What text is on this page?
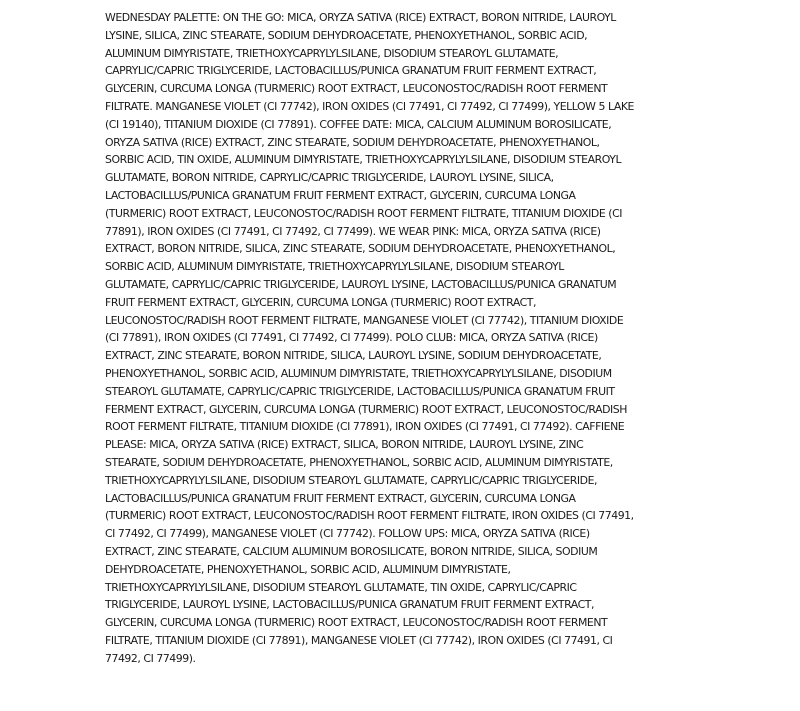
WEDNESDAY PALETTE: ON THE GO: MICA, ORYZA SATIVA (RICE) EXTRACT, BORON NITRIDE, LAUROYL
LYSINE, SILICA, ZINC STEARATE, SODIUM DEHYDROACETATE, PHENOXYETHANOL, SORBIC ACID,
ALUMINUM DIMYRISTATE, TRIETHOXYCAPRYLYLSILANE, DISODIUM STEAROYL GLUTAMATE,
CAPRYLIC/CAPRIC TRIGLYCERIDE, LACTOBACILLUS/PUNICA GRANATUM FRUIT FERMENT EXTRACT,
GLYCERIN, CURCUMA LONGA (TURMERIC) ROOT EXTRACT, LEUCONOSTOC/RADISH ROOT FERMENT
FILTRATE. MANGANESE VIOLET (CI 77742), IRON OXIDES (CI 77491, CI 77492, CI 77499), YELLOW 5 LAKE
(CI 19140), TITANIUM DIOXIDE (CI 77891). COFFEE DATE: MICA, CALCIUM ALUMINUM BOROSILICATE,
ORYZA SATIVA (RICE) EXTRACT, ZINC STEARATE, SODIUM DEHYDROACETATE, PHENOXYETHANOL,
SORBIC ACID, TIN OXIDE, ALUMINUM DIMYRISTATE, TRIETHOXYCAPRYLYLSILANE, DISODIUM STEAROYL
GLUTAMATE, BORON NITRIDE, CAPRYLIC/CAPRIC TRIGLYCERIDE, LAUROYL LYSINE, SILICA,
LACTOBACILLUS/PUNICA GRANATUM FRUIT FERMENT EXTRACT, GLYCERIN, CURCUMA LONGA
(TURMERIC) ROOT EXTRACT, LEUCONOSTOC/RADISH ROOT FERMENT FILTRATE, TITANIUM DIOXIDE (CI
77891), IRON OXIDES (CI 77491, CI 77492, CI 77499). WE WEAR PINK: MICA, ORYZA SATIVA (RICE)
EXTRACT, BORON NITRIDE, SILICA, ZINC STEARATE, SODIUM DEHYDROACETATE, PHENOXYETHANOL,
SORBIC ACID, ALUMINUM DIMYRISTATE, TRIETHOXYCAPRYLYLSILANE, DISODIUM STEAROYL
GLUTAMATE, CAPRYLIC/CAPRIC TRIGLYCERIDE, LAUROYL LYSINE, LACTOBACILLUS/PUNICA GRANATUM
FRUIT FERMENT EXTRACT, GLYCERIN, CURCUMA LONGA (TURMERIC) ROOT EXTRACT,
LEUCONOSTOC/RADISH ROOT FERMENT FILTRATE, MANGANESE VIOLET (CI 77742), TITANIUM DIOXIDE
(CI 77891), IRON OXIDES (CI 77491, CI 77492, CI 77499). POLO CLUB: MICA, ORYZA SATIVA (RICE)
EXTRACT, ZINC STEARATE, BORON NITRIDE, SILICA, LAUROYL LYSINE, SODIUM DEHYDROACETATE,
PHENOXYETHANOL, SORBIC ACID, ALUMINUM DIMYRISTATE, TRIETHOXYCAPRYLYLSILANE, DISODIUM
STEAROYL GLUTAMATE, CAPRYLIC/CAPRIC TRIGLYCERIDE, LACTOBACILLUS/PUNICA GRANATUM FRUIT
FERMENT EXTRACT, GLYCERIN, CURCUMA LONGA (TURMERIC) ROOT EXTRACT, LEUCONOSTOC/RADISH
ROOT FERMENT FILTRATE, TITANIUM DIOXIDE (CI 77891), IRON OXIDES (CI 77491, CI 77492). CAFFIENE
PLEASE: MICA, ORYZA SATIVA (RICE) EXTRACT, SILICA, BORON NITRIDE, LAUROYL LYSINE, ZINC
STEARATE, SODIUM DEHYDROACETATE, PHENOXYETHANOL, SORBIC ACID, ALUMINUM DIMYRISTATE,
TRIETHOXYCAPRYLYLSILANE, DISODIUM STEAROYL GLUTAMATE, CAPRYLIC/CAPRIC TRIGLYCERIDE,
LACTOBACILLUS/PUNICA GRANATUM FRUIT FERMENT EXTRACT, GLYCERIN, CURCUMA LONGA
(TURMERIC) ROOT EXTRACT, LEUCONOSTOC/RADISH ROOT FERMENT FILTRATE, IRON OXIDES (CI 77491,
CI 77492, CI 77499), MANGANESE VIOLET (CI 77742). FOLLOW UPS: MICA, ORYZA SATIVA (RICE)
EXTRACT, ZINC STEARATE, CALCIUM ALUMINUM BOROSILICATE, BORON NITRIDE, SILICA, SODIUM
DEHYDROACETATE, PHENOXYETHANOL, SORBIC ACID, ALUMINUM DIMYRISTATE,
TRIETHOXYCAPRYLYLSILANE, DISODIUM STEAROYL GLUTAMATE, TIN OXIDE, CAPRYLIC/CAPRIC
TRIGLYCERIDE, LAUROYL LYSINE, LACTOBACILLUS/PUNICA GRANATUM FRUIT FERMENT EXTRACT,
GLYCERIN, CURCUMA LONGA (TURMERIC) ROOT EXTRACT, LEUCONOSTOC/RADISH ROOT FERMENT
FILTRATE, TITANIUM DIOXIDE (CI 77891), MANGANESE VIOLET (CI 77742), IRON OXIDES (CI 77491, CI
77492, CI 77499).
